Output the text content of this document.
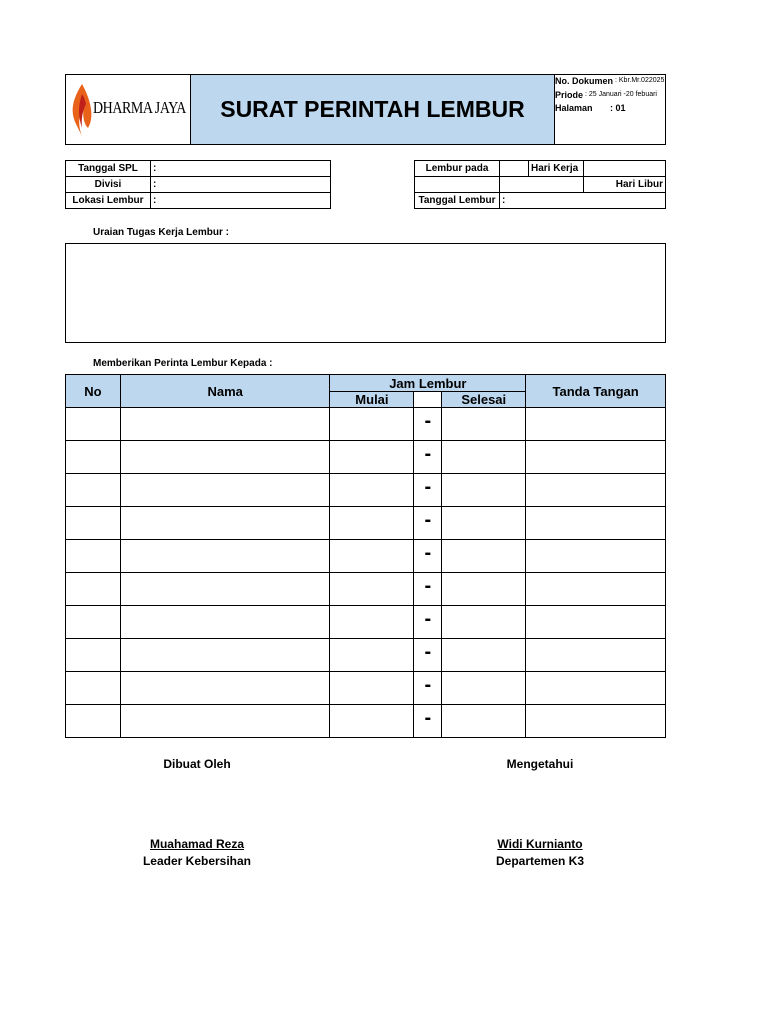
DHARMA JAYA	SURAT PERINTAH LEMBUR
No. Dokumen : Kbr.Mr.022025
Priode : 25 Januari -20 febuari
Halaman : 01
Tanggal SPL	:
Divisi	:
Lokasi Lembur	:
Lembur pada		Hari Kerja	
			Hari Libur
Tanggal Lembur	:		
Uraian Tugas Kerja Lembur :
Memberikan Perinta Lembur Kepada :
No	Nama	Jam Lembur			Tanda Tangan
		Mulai		Selesai	
			-		
			-		
			-		
			-		
			-		
			-		
			-		
			-		
			-		
			-		
Dibuat Oleh
Muahamad Reza
Leader Kebersihan
Mengetahui
Widi Kurnianto
Departemen K3
